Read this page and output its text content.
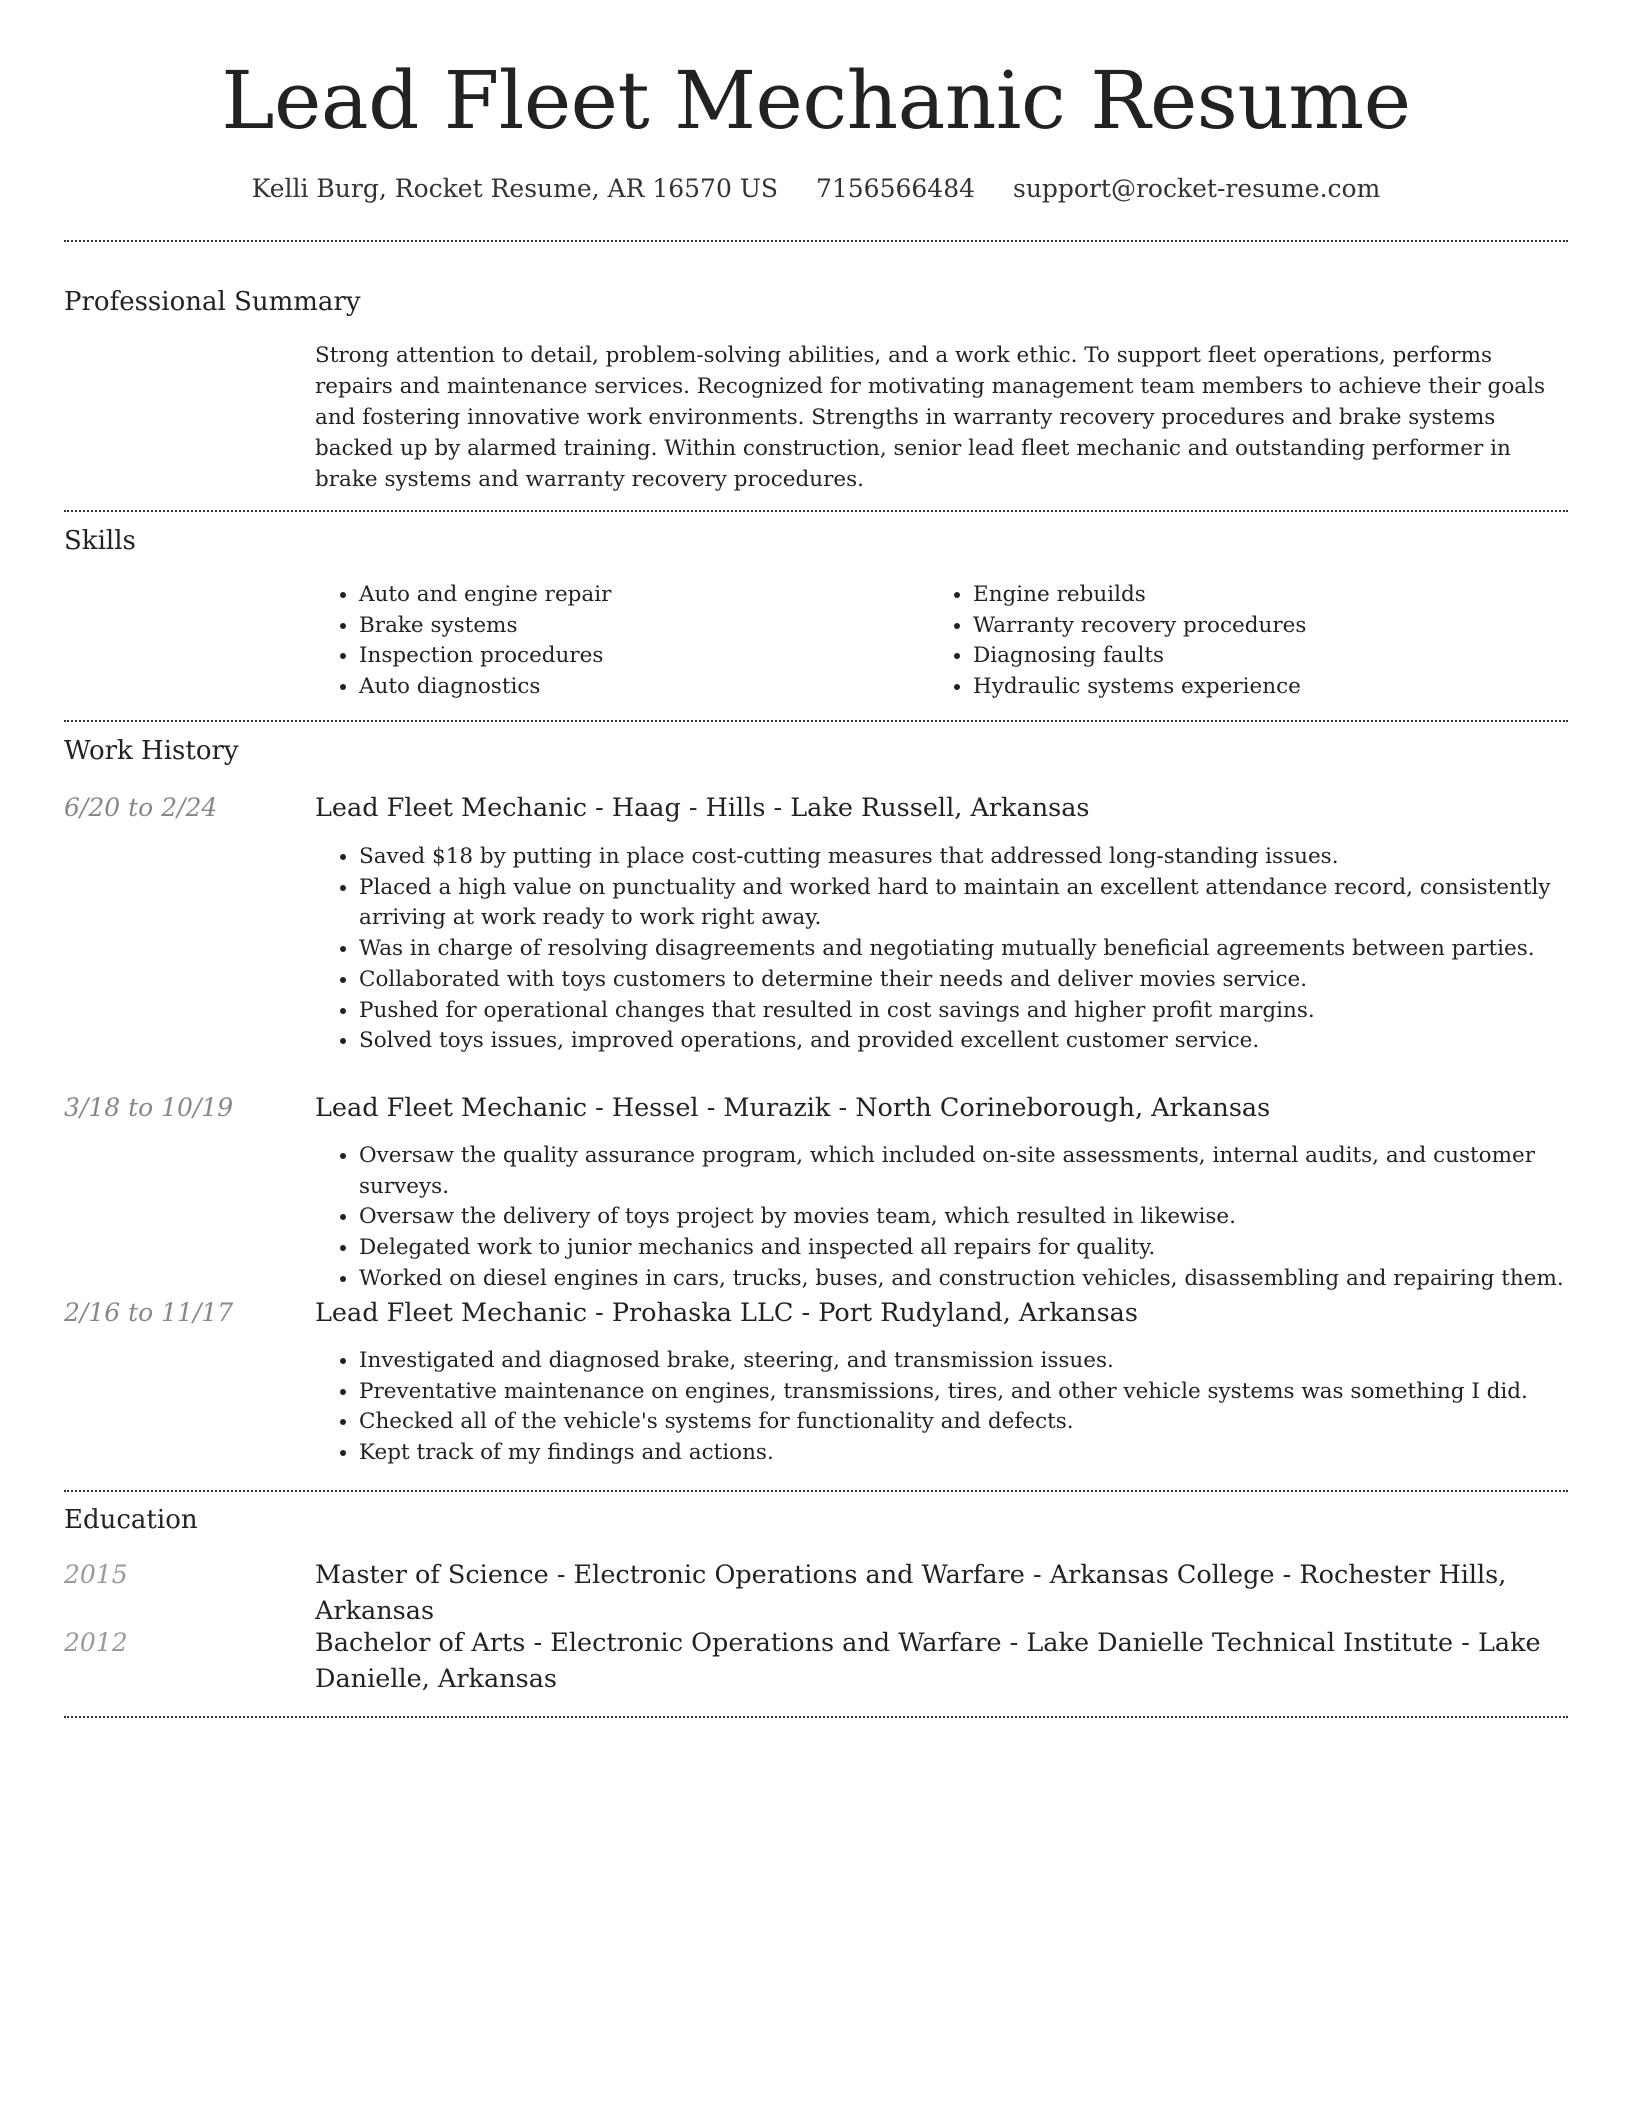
Lead Fleet Mechanic Resume
Kelli Burg, Rocket Resume, AR 16570 US 7156566484 support@rocket-resume.com
Professional Summary

Strong attention to detail, problem-solving abilities, and a work ethic. To support fleet operations, performs repairs and maintenance services. Recognized for motivating management team members to achieve their goals and fostering innovative work environments. Strengths in warranty recovery procedures and brake systems backed up by alarmed training. Within construction, senior lead fleet mechanic and outstanding performer in brake systems and warranty recovery procedures.

Skills
• Auto and engine repair
• Brake systems
• Inspection procedures
• Auto diagnostics
• Engine rebuilds
• Warranty recovery procedures
• Diagnosing faults
• Hydraulic systems experience
Work History
6/20 to 2/24	Lead Fleet Mechanic - Haag - Hills - Lake Russell, Arkansas
• Saved $18 by putting in place cost-cutting measures that addressed long-standing issues.
• Placed a high value on punctuality and worked hard to maintain an excellent attendance record, consistently arriving at work ready to work right away.
• Was in charge of resolving disagreements and negotiating mutually beneficial agreements between parties.
• Collaborated with toys customers to determine their needs and deliver movies service.
• Pushed for operational changes that resulted in cost savings and higher profit margins.
• Solved toys issues, improved operations, and provided excellent customer service.
3/18 to 10/19	Lead Fleet Mechanic - Hessel - Murazik - North Corineborough, Arkansas
• Oversaw the quality assurance program, which included on-site assessments, internal audits, and customer surveys.
• Oversaw the delivery of toys project by movies team, which resulted in likewise.
• Delegated work to junior mechanics and inspected all repairs for quality.
• Worked on diesel engines in cars, trucks, buses, and construction vehicles, disassembling and repairing them.
2/16 to 11/17	Lead Fleet Mechanic - Prohaska LLC - Port Rudyland, Arkansas
• Investigated and diagnosed brake, steering, and transmission issues.
• Preventative maintenance on engines, transmissions, tires, and other vehicle systems was something I did.
• Checked all of the vehicle's systems for functionality and defects.
• Kept track of my findings and actions.
Education
2015	Master of Science - Electronic Operations and Warfare - Arkansas College - Rochester Hills, Arkansas
2012	Bachelor of Arts - Electronic Operations and Warfare - Lake Danielle Technical Institute - Lake Danielle, Arkansas
